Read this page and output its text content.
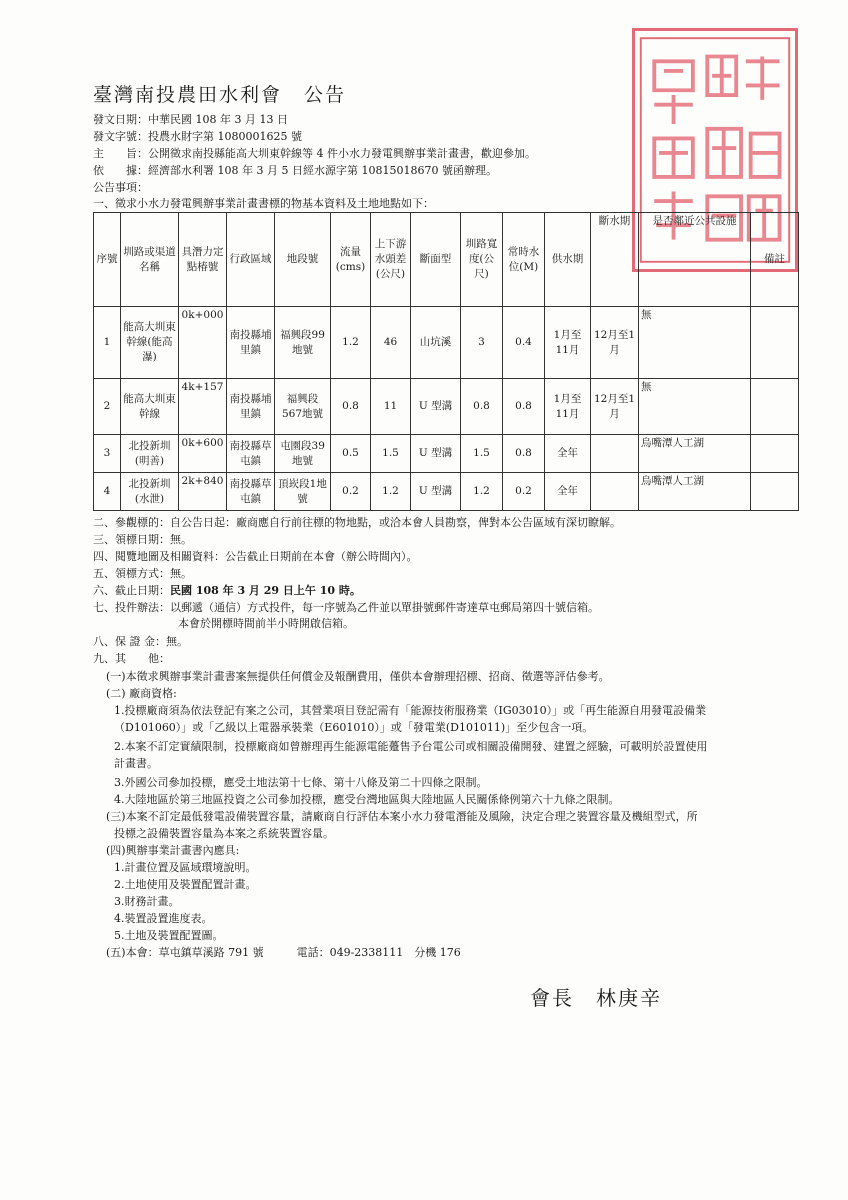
臺灣南投農田水利會 公告
發文日期：中華民國 108 年 3 月 13 日
發文字號：投農水財字第 1080001625 號
主　　旨：公開徵求南投縣能高大圳東幹線等 4 件小水力發電興辦事業計畫書，歡迎參加。
依　　據：經濟部水利署 108 年 3 月 5 日經水源字第 10815018670 號函辦理。
公告事項：
一、徵求小水力發電興辦事業計畫書標的物基本資料及土地地點如下：
序號	圳路或渠道名稱	具潛力定點椿號	行政區域	地段號	流量(cms)	上下游水頭差(公尺)	斷面型	圳路寬度(公尺)	常時水位(M)	供水期	斷水期	是否鄰近公共設施	備註
1	能高大圳東幹線(能高瀑)	0k+000	南投縣埔里鎮	福興段99地號	1.2	46	山坑溪	3	0.4	1月至11月	12月至1月	無	
2	能高大圳東幹線	4k+157	南投縣埔里鎮	福興段567地號	0.8	11	U 型溝	0.8	0.8	1月至11月	12月至1月	無	
3	北投新圳(明善)	0k+600	南投縣草屯鎮	屯園段39地號	0.5	1.5	U 型溝	1.5	0.8	全年		烏嘴潭人工湖	
4	北投新圳(水泄)	2k+840	南投縣草屯鎮	頂崁段1地號	0.2	1.2	U 型溝	1.2	0.2	全年		烏嘴潭人工湖	
二、參觀標的：自公告日起：廠商應自行前往標的物地點，或洽本會人員勘察，俾對本公告區域有深切瞭解。
三、領標日期：無。
四、閱覽地圖及相關資料：公告截止日期前在本會（辦公時間內）。
五、領標方式：無。
六、截止日期：民國 108 年 3 月 29 日上午 10 時。
七、投件辦法：以郵遞（通信）方式投件，每一序號為乙件並以單掛號郵件寄達草屯郵局第四十號信箱。
本會於開標時間前半小時開啟信箱。
八、保 證 金：無。
九、其　　他：
(一)本徵求興辦事業計畫書案無提供任何償金及報酬費用，僅供本會辦理招標、招商、徵選等評估參考。
(二) 廠商資格:
1.投標廠商須為依法登記有案之公司，其營業項目登記需有「能源技術服務業（IG03010）」或「再生能源自用發電設備業
（D101060）」或「乙級以上電器承裝業（E601010）」或「發電業(D101011)」至少包含一項。
2.本案不訂定實績限制，投標廠商如曾辦理再生能源電能躉售予台電公司或相關設備開發、建置之經驗，可載明於設置使用
計畫書。
3.外國公司參加投標，應受土地法第十七條、第十八條及第二十四條之限制。
4.大陸地區於第三地區投資之公司參加投標，應受台灣地區與大陸地區人民關係條例第六十九條之限制。
(三)本案不訂定最低發電設備裝置容量，請廠商自行評估本案小水力發電潛能及風險，決定合理之裝置容量及機組型式，所
投標之設備裝置容量為本案之系統裝置容量。
(四)興辦事業計畫書內應具:
1.計畫位置及區域環境說明。
2.土地使用及裝置配置計畫。
3.財務計畫。
4.裝置設置進度表。
5.土地及裝置配置圖。
(五)本會：草屯鎮草溪路 791 號　　　電話：049-2338111　分機 176
會長 林庚辛
